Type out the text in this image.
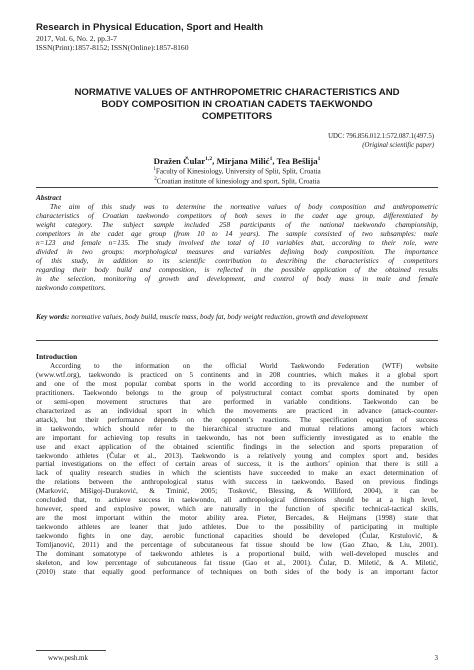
Research in Physical Education, Sport and Health
2017, Vol. 6, No. 2, pp.3-7
ISSN(Print):1857-8152; ISSN(Online):1857-8160
NORMATIVE VALUES OF ANTHROPOMETRIC CHARACTERISTICS AND
BODY COMPOSITION IN CROATIAN CADETS TAEKWONDO
COMPETITORS
UDC: 796.856.012.1:572.087.1(497.5)
(Original scientific paper)
Dražen Čular$^{1,2}$, Mirjana Milić$^1$, Tea Bešlija$^1$
$^1$Faculty of Kinesiology, University of Split, Split, Croatia
$^2$Croatian institute of kinesiology and sport, Split, Croatia
Abstract
The aim of this study was to determine the normative values of body composition and anthropometric
characteristics of Croatian taekwondo competitors of both sexes in the cadet age group, differentiated by
weight category. The subject sample included 258 participants of the national taekwondo championship,
competitors in the cadet age group (from 10 to 14 years). The sample consisted of two subsamples: male
n=123 and female n=135. The study involved the total of 10 variables that, according to their role, were
divided in two groups: morphological measures and variables defining body composition. The importance
of this study, in addition to its scientific contribution to describing the characteristics of competitors
regarding their body build and composition, is reflected in the possible application of the obtained results
in the selection, monitoring of growth and development, and control of body mass in male and female
taekwondo competitors.
Key words: normative values, body build, muscle mass, body fat, body weight reduction, growth and development
Introduction
According to the information on the official World Taekwondo Federation (WTF) website
(www.wtf.org), taekwondo is practiced on 5 continents and in 208 countries, which makes it a global sport
and one of the most popular combat sports in the world according to its prevalence and the number of
practitioners. Taekwondo belongs to the group of polystructural contact combat sports dominated by open
or semi-open movement structures that are performed in variable conditions. Taekwondo can be
characterized as an individual sport in which the movements are practiced in advance (attack-counter-
attack), but their performance depends on the opponent’s reactions. The specification equation of success
in taekwondo, which should refer to the hierarchical structure and mutual relations among factors which
are important for achieving top results in taekwondo, has not been sufficiently investigated as to enable the
use and exact application of the obtained scientific findings in the selection and sports preparation of
taekwondo athletes (Čular et al., 2013). Taekwondo is a relatively young and complex sport and, besides
partial investigations on the effect of certain areas of success, it is the authors’ opinion that there is still a
lack of quality research studies in which the scientists have succeeded to make an exact determination of
the relations between the anthropological status with success in taekwondo. Based on previous findings
(Marković, Mišigoj-Duraković, & Trninić, 2005; Tosković, Blessing, & Williford, 2004), it can be
concluded that, to achieve success in taekwondo, all anthropological dimensions should be at a high level,
however, speed and explosive power, which are naturally in the function of specific technical-tactical skills,
are the most important within the motor ability area. Pieter, Bercades, & Heijmans (1998) state that
taekwondo athletes are leaner that judo athletes. Due to the possibility of participating in multiple
taekwondo fights in one day, aerobic functional capacities should be developed (Čular, Krstulović, &
Tomljanović, 2011) and the percentage of subcutaneous fat tissue should be low (Gao Zhao, & Liu, 2001).
The dominant somatotype of taekwondo athletes is a proportional build, with well-developed muscles and
skeleton, and low percentage of subcutaneous fat tissue (Gao et al., 2001). Čular, D. Miletić, & A. Miletić,
(2010) state that equally good performance of techniques on both sides of the body is an important factor
www.pesh.mk	3
